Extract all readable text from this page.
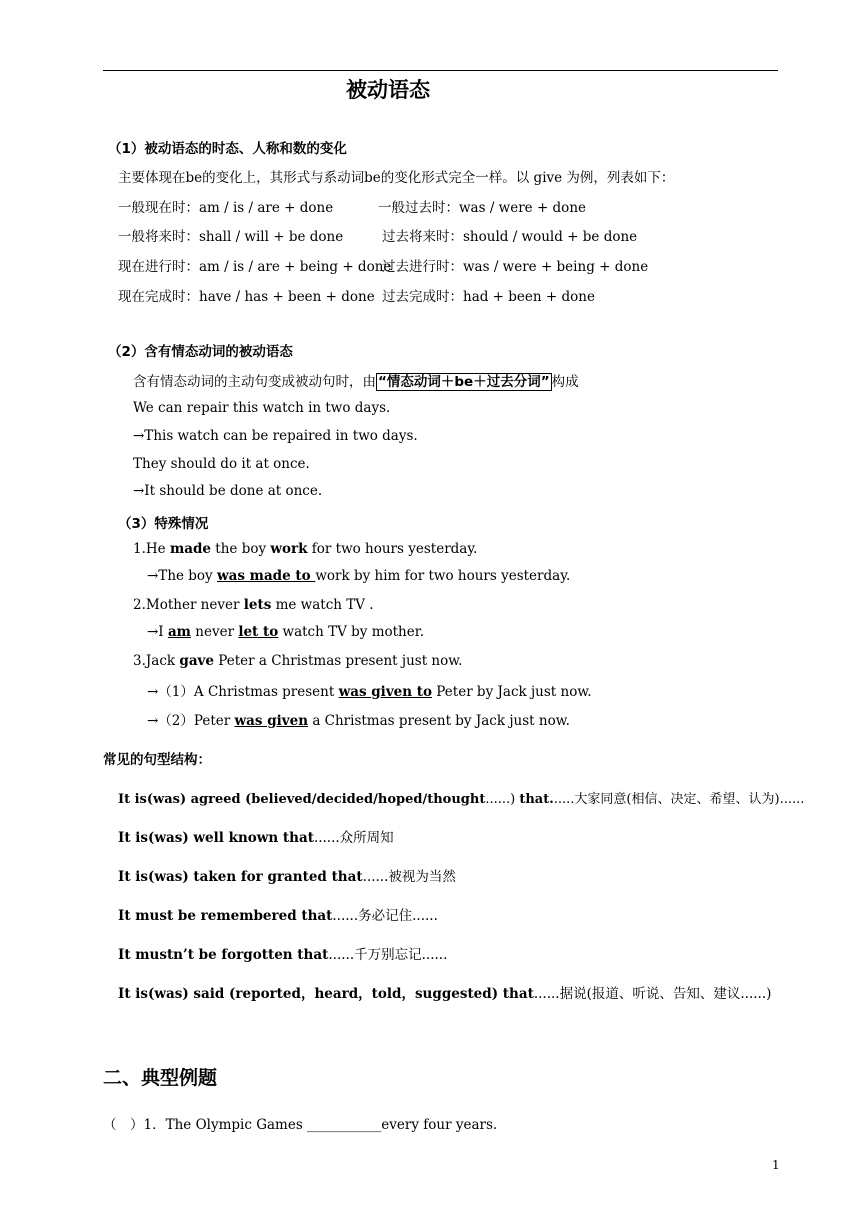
被动语态
（1）被动语态的时态、人称和数的变化
主要体现在be的变化上，其形式与系动词be的变化形式完全一样。以 give 为例，列表如下：
一般现在时：am / is / are + done	一般过去时：was / were + done
一般将来时：shall / will + be done	过去将来时：should / would + be done
现在进行时：am / is / are + being + done
过去进行时：was / were + being + done
现在完成时：have / has + been + done 过去完成时：had + been + done
（2）含有情态动词的被动语态
含有情态动词的主动句变成被动句时，由 “情态动词＋be＋过去分词” 构成
We can repair this watch in two days.
→This watch can be repaired in two days.
They should do it at once.
→It should be done at once.
（3）特殊情况
1.He made the boy work for two hours yesterday.
→The boy was made to work by him for two hours yesterday.
2.Mother never lets me watch TV .
→I am never let to watch TV by mother.
3.Jack gave Peter a Christmas present just now.
→（1）A Christmas present was given to Peter by Jack just now.
→（2）Peter was given a Christmas present by Jack just now.
常见的句型结构：
It is(was) agreed (believed/decided/hoped/thought......) that......大家同意(相信、决定、希望、认为)......
It is(was) well known that......众所周知
It is(was) taken for granted that......被视为当然
It must be remembered that......务必记住......
It mustn’t be forgotten that......千万别忘记......
It is(was) said (reported，heard，told，suggested) that......据说(报道、听说、告知、建议......)
二、典型例题
（　）1．The Olympic Games ___________every four years.
1
